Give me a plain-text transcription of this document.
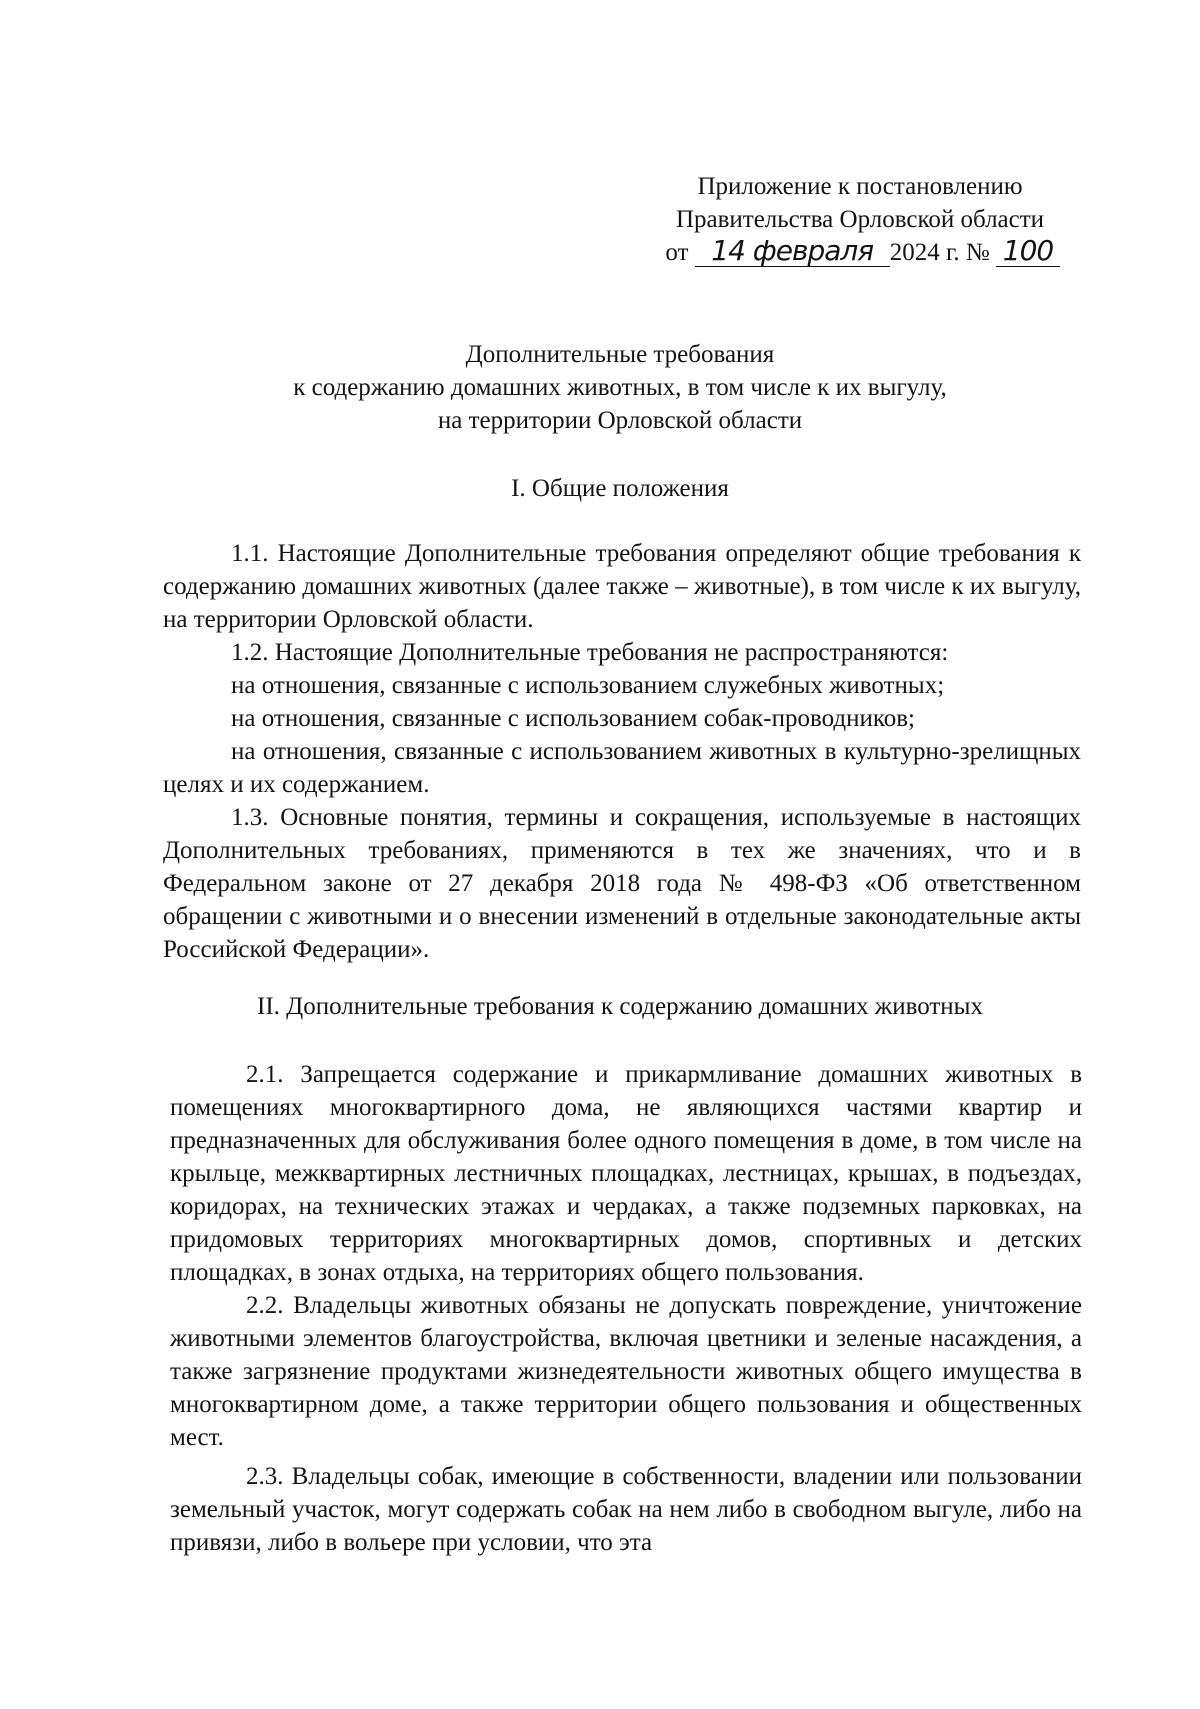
Приложение к постановлению
Правительства Орловской области
от 14 февраля 2024 г. № 100
Дополнительные требования
к содержанию домашних животных, в том числе к их выгулу,
на территории Орловской области
I. Общие положения

1.1. Настоящие Дополнительные требования определяют общие требования к содержанию домашних животных (далее также – животные), в том числе к их выгулу, на территории Орловской области.

1.2. Настоящие Дополнительные требования не распространяются:

на отношения, связанные с использованием служебных животных;

на отношения, связанные с использованием собак-проводников;

на отношения, связанные с использованием животных в культурно-зрелищных целях и их содержанием.

1.3. Основные понятия, термины и сокращения, используемые в настоящих Дополнительных требованиях, применяются в тех же значениях, что и в Федеральном законе от 27 декабря 2018 года № 498-ФЗ «Об ответственном обращении с животными и о внесении изменений в отдельные законодательные акты Российской Федерации».

II. Дополнительные требования к содержанию домашних животных

2.1. Запрещается содержание и прикармливание домашних животных в помещениях многоквартирного дома, не являющихся частями квартир и предназначенных для обслуживания более одного помещения в доме, в том числе на крыльце, межквартирных лестничных площадках, лестницах, крышах, в подъездах, коридорах, на технических этажах и чердаках, а также подземных парковках, на придомовых территориях многоквартирных домов, спортивных и детских площадках, в зонах отдыха, на территориях общего пользования.

2.2. Владельцы животных обязаны не допускать повреждение, уничтожение животными элементов благоустройства, включая цветники и зеленые насаждения, а также загрязнение продуктами жизнедеятельности животных общего имущества в многоквартирном доме, а также территории общего пользования и общественных мест.

2.3. Владельцы собак, имеющие в собственности, владении или пользовании земельный участок, могут содержать собак на нем либо в свободном выгуле, либо на привязи, либо в вольере при условии, что эта
